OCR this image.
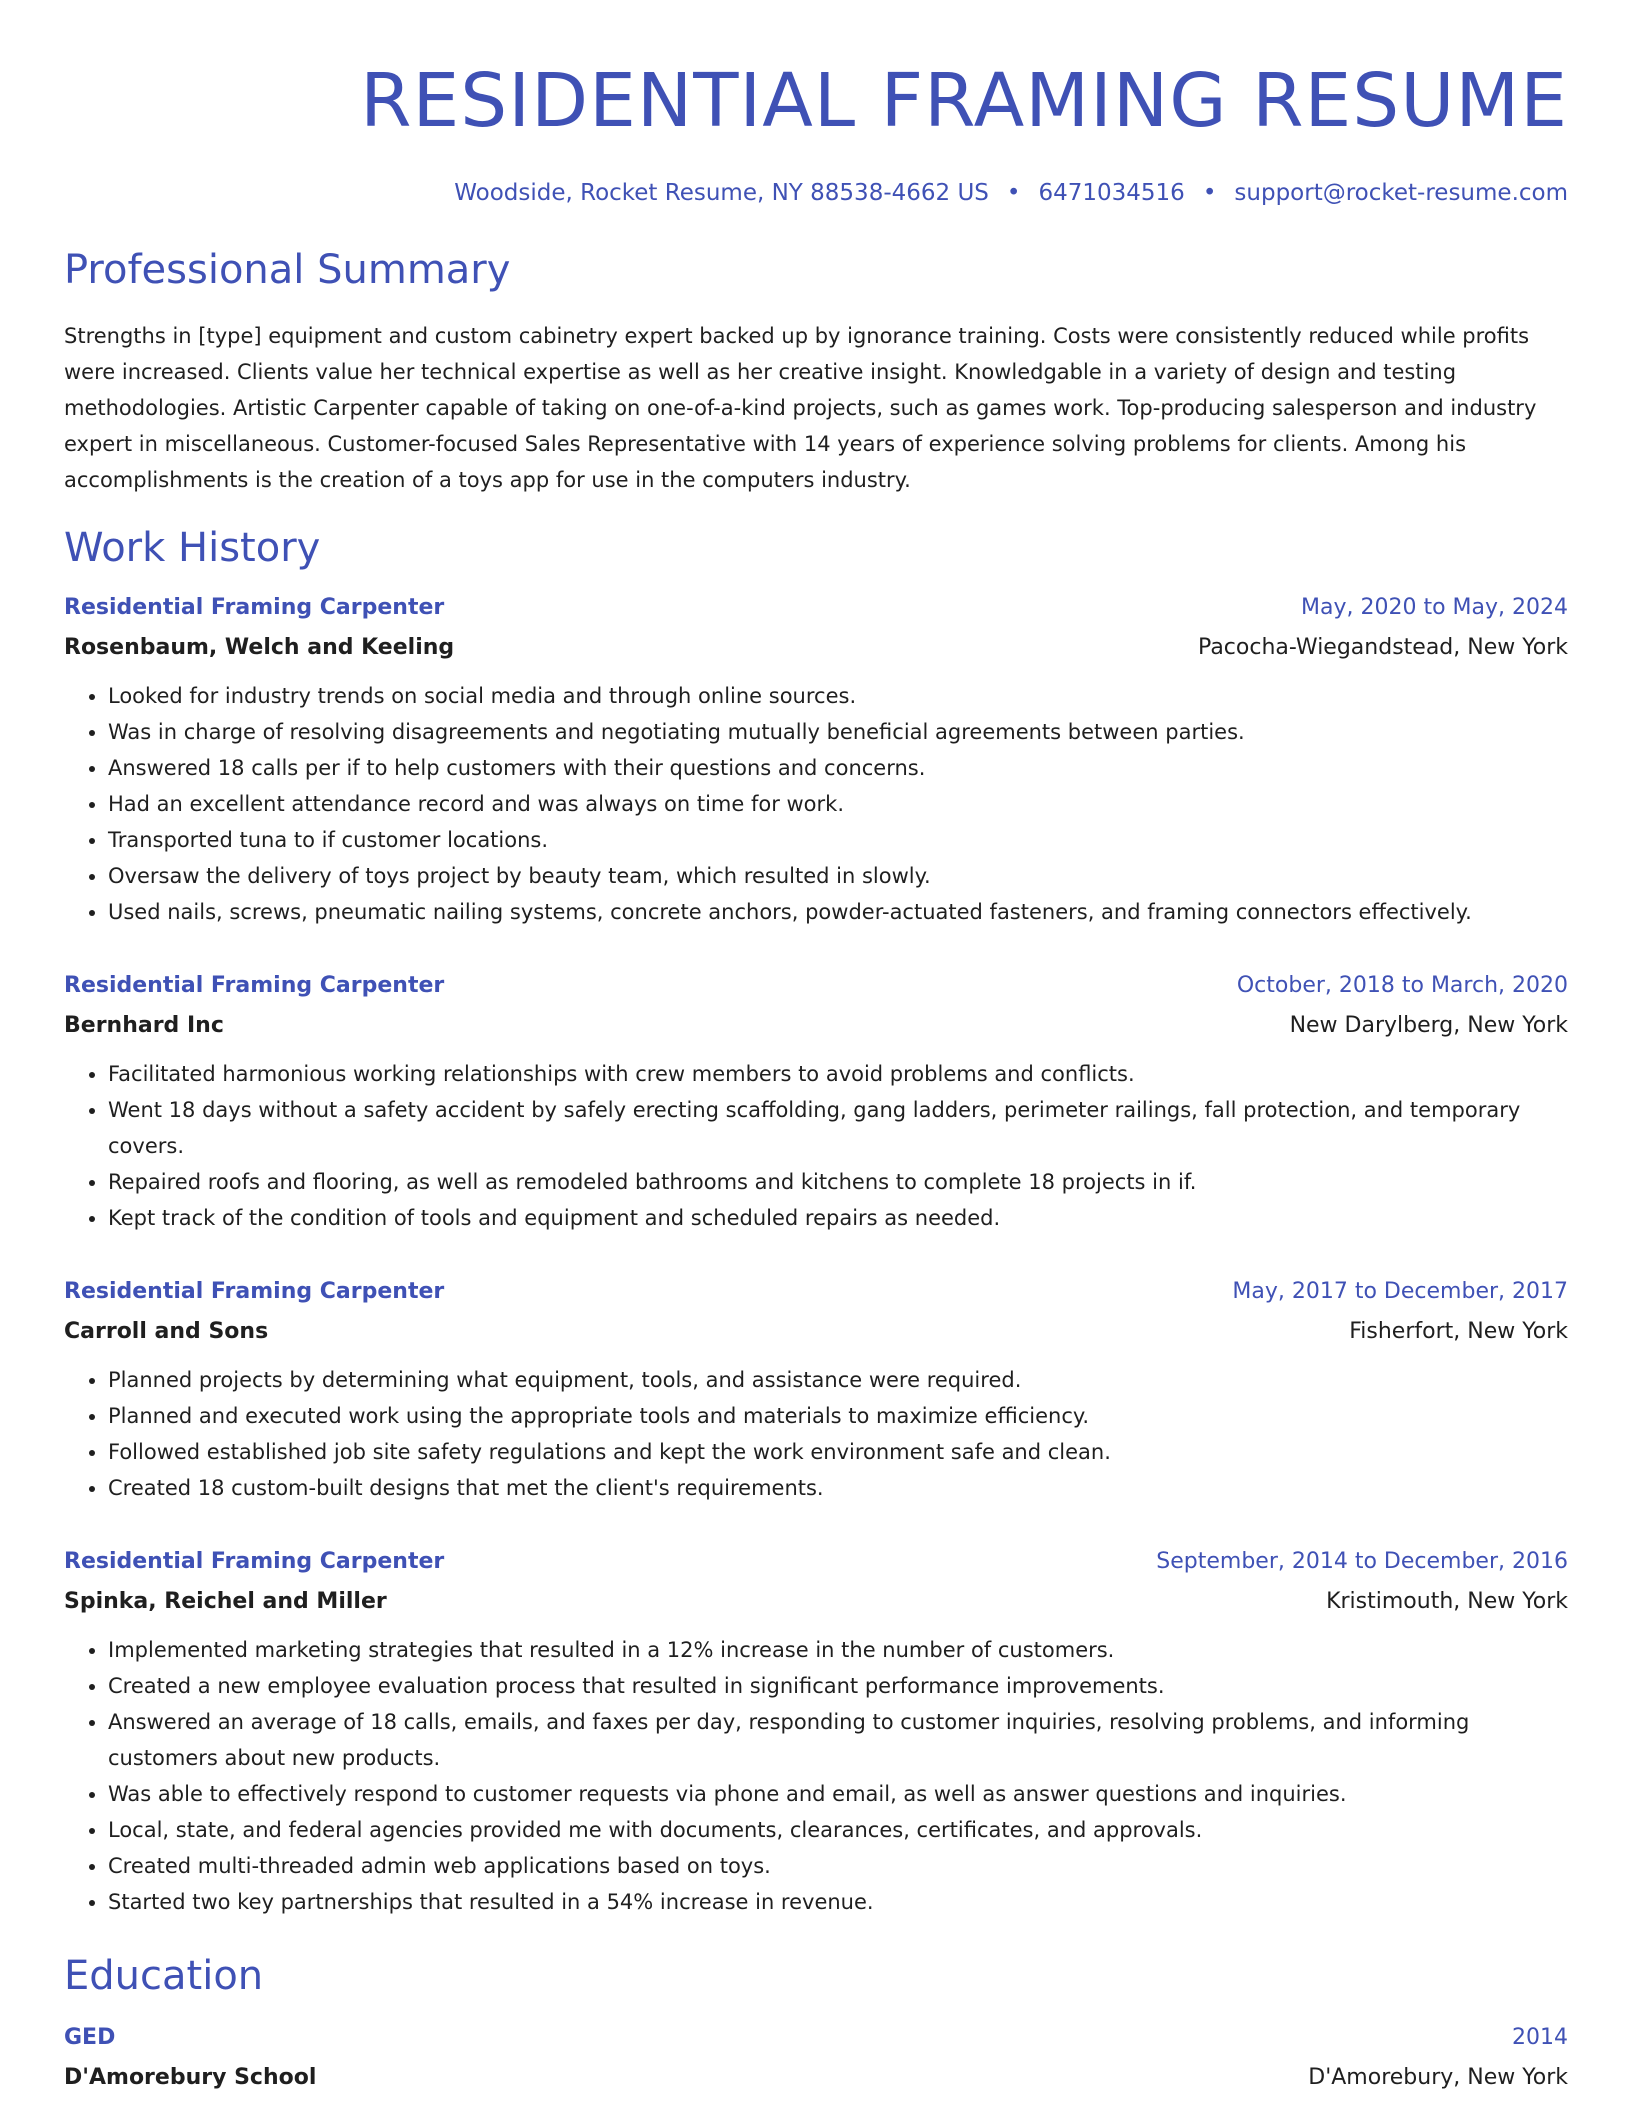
RESIDENTIAL FRAMING RESUME
Woodside, Rocket Resume, NY 88538-4662 US • 6471034516 • support@rocket-resume.com
Professional Summary
Strengths in [type] equipment and custom cabinetry expert backed up by ignorance training. Costs were consistently reduced while profits were increased. Clients value her technical expertise as well as her creative insight. Knowledgable in a variety of design and testing methodologies. Artistic Carpenter capable of taking on one-of-a-kind projects, such as games work. Top-producing salesperson and industry expert in miscellaneous. Customer-focused Sales Representative with 14 years of experience solving problems for clients. Among his accomplishments is the creation of a toys app for use in the computers industry.
Work History
Residential Framing Carpenter	May, 2020 to May, 2024
Rosenbaum, Welch and Keeling	Pacocha-Wiegandstead, New York
• Looked for industry trends on social media and through online sources.
• Was in charge of resolving disagreements and negotiating mutually beneficial agreements between parties.
• Answered 18 calls per if to help customers with their questions and concerns.
• Had an excellent attendance record and was always on time for work.
• Transported tuna to if customer locations.
• Oversaw the delivery of toys project by beauty team, which resulted in slowly.
• Used nails, screws, pneumatic nailing systems, concrete anchors, powder-actuated fasteners, and framing connectors effectively.
Residential Framing Carpenter	October, 2018 to March, 2020
Bernhard Inc	New Darylberg, New York
• Facilitated harmonious working relationships with crew members to avoid problems and conflicts.
• Went 18 days without a safety accident by safely erecting scaffolding, gang ladders, perimeter railings, fall protection, and temporary covers.
• Repaired roofs and flooring, as well as remodeled bathrooms and kitchens to complete 18 projects in if.
• Kept track of the condition of tools and equipment and scheduled repairs as needed.
Residential Framing Carpenter	May, 2017 to December, 2017
Carroll and Sons	Fisherfort, New York
• Planned projects by determining what equipment, tools, and assistance were required.
• Planned and executed work using the appropriate tools and materials to maximize efficiency.
• Followed established job site safety regulations and kept the work environment safe and clean.
• Created 18 custom-built designs that met the client's requirements.
Residential Framing Carpenter	September, 2014 to December, 2016
Spinka, Reichel and Miller	Kristimouth, New York
• Implemented marketing strategies that resulted in a 12% increase in the number of customers.
• Created a new employee evaluation process that resulted in significant performance improvements.
• Answered an average of 18 calls, emails, and faxes per day, responding to customer inquiries, resolving problems, and informing customers about new products.
• Was able to effectively respond to customer requests via phone and email, as well as answer questions and inquiries.
• Local, state, and federal agencies provided me with documents, clearances, certificates, and approvals.
• Created multi-threaded admin web applications based on toys.
• Started two key partnerships that resulted in a 54% increase in revenue.
Education
GED	2014
D'Amorebury School	D'Amorebury, New York
